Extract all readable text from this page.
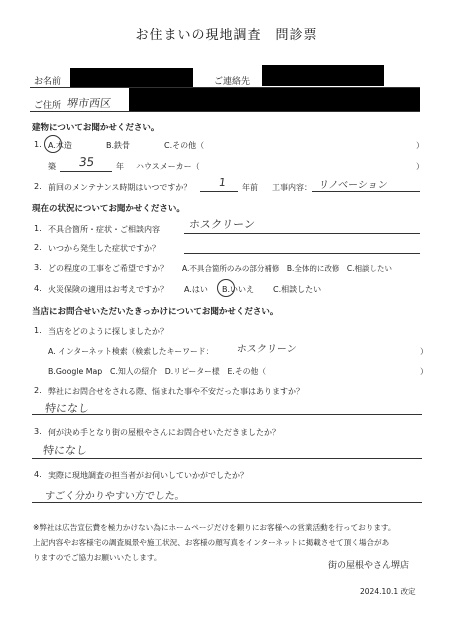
お住まいの現地調査　問診票
お名前	ご連絡先
ご住所 堺市西区
建物についてお聞かせください。
1. A.木造	B.鉄骨	C.その他（	）
築 35	年 ハウスメーカー（	）
2. 前回のメンテナンス時期はいつですか？ 1 年前 工事内容： リノベーション
現在の状況についてお聞かせください。
1. 不具合箇所・症状・ご相談内容	ホスクリーン
2. いつから発生した症状ですか？
3. どの程度の工事をご希望ですか？ A.不具合箇所のみの部分補修　B.全体的に改修　C.相談したい
4. 火災保険の適用はお考えですか？ A.はい B.いいえ C.相談したい
当店にお問合せいただいたきっかけについてお聞かせください。
1. 当店をどのように探しましたか？
A. インターネット検索（検索したキーワード： ホスクリーン	）
B.Google Map　C.知人の紹介　D.リピーター様　E.その他（	）
2. 弊社にお問合せをされる際、悩まれた事や不安だった事はありますか？
特になし
3. 何が決め手となり街の屋根やさんにお問合せいただきましたか？
特になし
4. 実際に現地調査の担当者がお伺いしていかがでしたか？
すごく分かりやすい方でした。
※弊社は広告宣伝費を極力かけない為にホームページだけを頼りにお客様への営業活動を行っております。
上記内容やお客様宅の調査風景や施工状況、お客様の顔写真をインターネットに掲載させて頂く場合があ
りますのでご協力お願いいたします。
街の屋根やさん堺店
2024.10.1 改定
